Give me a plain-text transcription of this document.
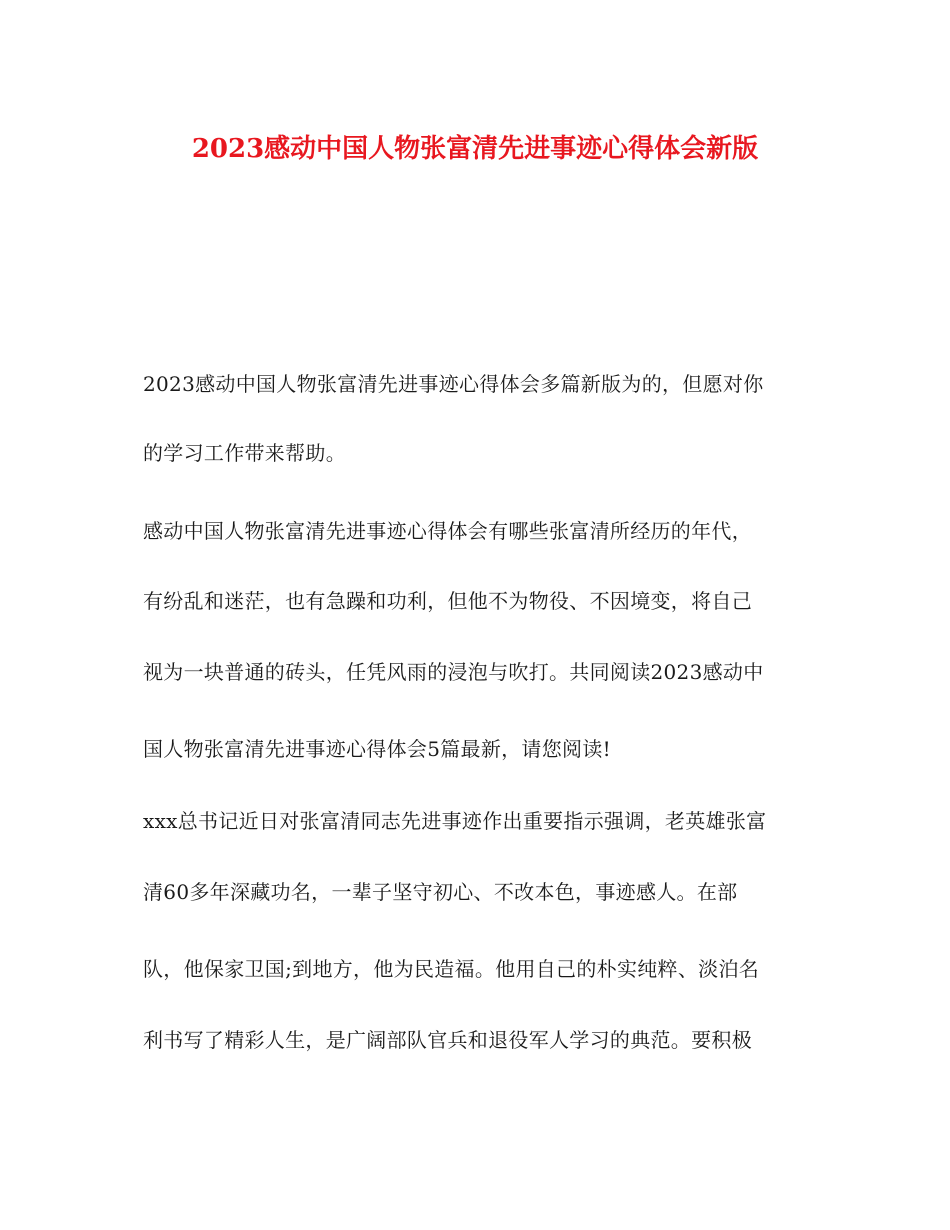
2023感动中国人物张富清先进事迹心得体会新版
2023感动中国人物张富清先进事迹心得体会多篇新版为的，但愿对你
的学习工作带来帮助。
感动中国人物张富清先进事迹心得体会有哪些张富清所经历的年代，
有纷乱和迷茫，也有急躁和功利，但他不为物役、不因境变，将自己
视为一块普通的砖头，任凭风雨的浸泡与吹打。共同阅读2023感动中
国人物张富清先进事迹心得体会5篇最新，请您阅读!
xxx总书记近日对张富清同志先进事迹作出重要指示强调，老英雄张富
清60多年深藏功名，一辈子坚守初心、不改本色，事迹感人。在部
队，他保家卫国;到地方，他为民造福。他用自己的朴实纯粹、淡泊名
利书写了精彩人生，是广阔部队官兵和退役军人学习的典范。要积极
